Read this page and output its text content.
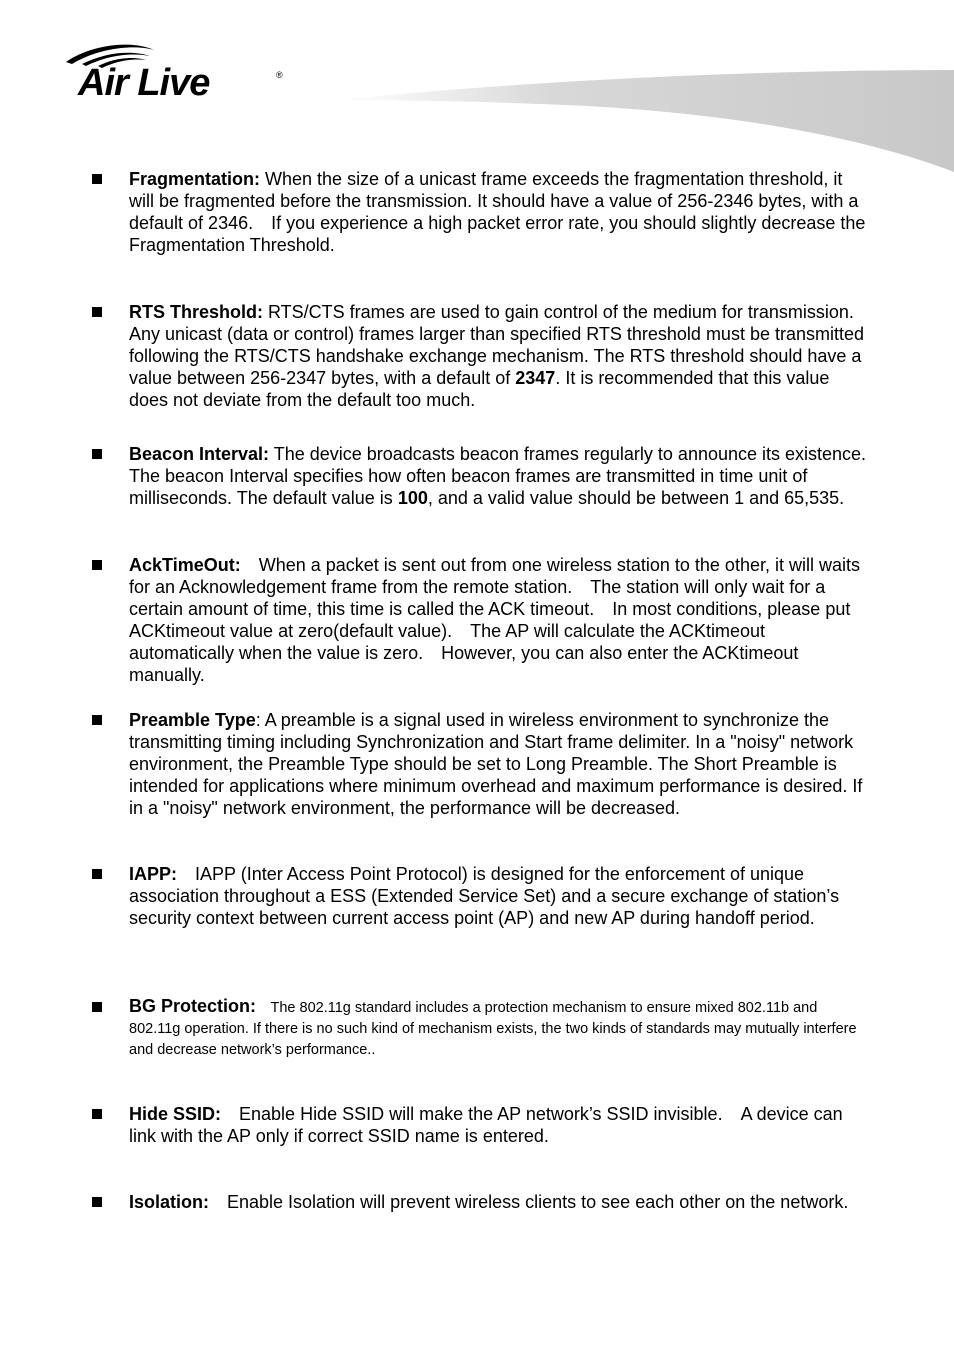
Air Live	®
Fragmentation: When the size of a unicast frame exceeds the fragmentation threshold, it will be fragmented before the transmission. It should have a value of 256-2346 bytes, with a default of 2346.　If you experience a high packet error rate, you should slightly decrease the Fragmentation Threshold.
RTS Threshold: RTS/CTS frames are used to gain control of the medium for transmission. Any unicast (data or control) frames larger than specified RTS threshold must be transmitted following the RTS/CTS handshake exchange mechanism. The RTS threshold should have a value between 256-2347 bytes, with a default of 2347. It is recommended that this value does not deviate from the default too much.
Beacon Interval: The device broadcasts beacon frames regularly to announce its existence. The beacon Interval specifies how often beacon frames are transmitted in time unit of milliseconds. The default value is 100, and a valid value should be between 1 and 65,535.
AckTimeOut:　When a packet is sent out from one wireless station to the other, it will waits for an Acknowledgement frame from the remote station.　The station will only wait for a certain amount of time, this time is called the ACK timeout.　In most conditions, please put ACKtimeout value at zero(default value).　The AP will calculate the ACKtimeout automatically when the value is zero.　However, you can also enter the ACKtimeout manually.
Preamble Type: A preamble is a signal used in wireless environment to synchronize the transmitting timing including Synchronization and Start frame delimiter. In a "noisy" network environment, the Preamble Type should be set to Long Preamble. The Short Preamble is intended for applications where minimum overhead and maximum performance is desired. If in a "noisy" network environment, the performance will be decreased.
IAPP:　IAPP (Inter Access Point Protocol) is designed for the enforcement of unique association throughout a ESS (Extended Service Set) and a secure exchange of station’s security context between current access point (AP) and new AP during handoff period.
BG Protection:　The 802.11g standard includes a protection mechanism to ensure mixed 802.11b and 802.11g operation. If there is no such kind of mechanism exists, the two kinds of standards may mutually interfere and decrease network’s performance..
Hide SSID:　Enable Hide SSID will make the AP network’s SSID invisible.　A device can link with the AP only if correct SSID name is entered.
Isolation:　Enable Isolation will prevent wireless clients to see each other on the network.
